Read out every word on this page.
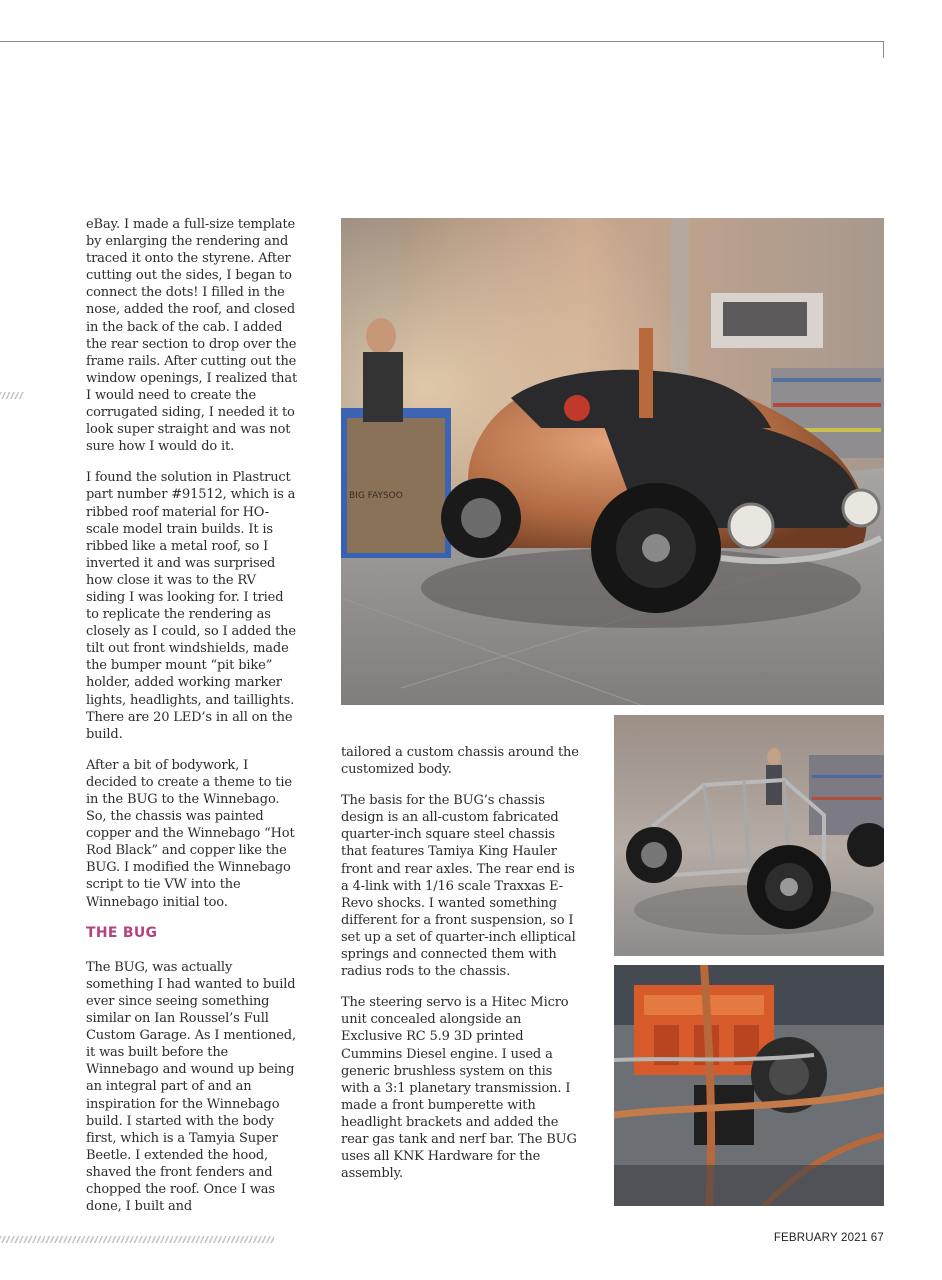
eBay. I made a full-size template by enlarging the rendering and traced it onto the styrene. After cutting out the sides, I began to connect the dots! I filled in the nose, added the roof, and closed in the back of the cab. I added the rear section to drop over the frame rails. After cutting out the window openings, I realized that I would need to create the corrugated siding, I needed it to look super straight and was not sure how I would do it.

I found the solution in Plastruct part number #91512, which is a ribbed roof material for HO-scale model train builds. It is ribbed like a metal roof, so I inverted it and was surprised how close it was to the RV siding I was looking for. I tried to replicate the rendering as closely as I could, so I added the tilt out front windshields, made the bumper mount “pit bike” holder, added working marker lights, headlights, and taillights. There are 20 LED’s in all on the build.

After a bit of bodywork, I decided to create a theme to tie in the BUG to the Winnebago. So, the chassis was painted copper and the Winnebago “Hot Rod Black” and copper like the BUG. I modified the Winnebago script to tie VW into the Winnebago initial too.

THE BUG

The BUG, was actually something I had wanted to build ever since seeing something similar on Ian Roussel’s Full Custom Garage. As I mentioned, it was built before the Winnebago and wound up being an integral part of and an inspiration for the Winnebago build. I started with the body first, which is a Tamyia Super Beetle. I extended the hood, shaved the front fenders and chopped the roof. Once I was done, I built and

tailored a custom chassis around the customized body.

The basis for the BUG’s chassis design is an all-custom fabricated quarter-inch square steel chassis that features Tamiya King Hauler front and rear axles. The rear end is a 4-link with 1/16 scale Traxxas E-Revo shocks. I wanted something different for a front suspension, so I set up a set of quarter-inch elliptical springs and connected them with radius rods to the chassis.

The steering servo is a Hitec Micro unit concealed alongside an Exclusive RC 5.9 3D printed Cummins Diesel engine. I used a generic brushless system on this with a 3:1 planetary transmission. I made a front bumperette with headlight brackets and added the rear gas tank and nerf bar. The BUG uses all KNK Hardware for the assembly.

BIG FAYSOO
FEBRUARY 2021 67
